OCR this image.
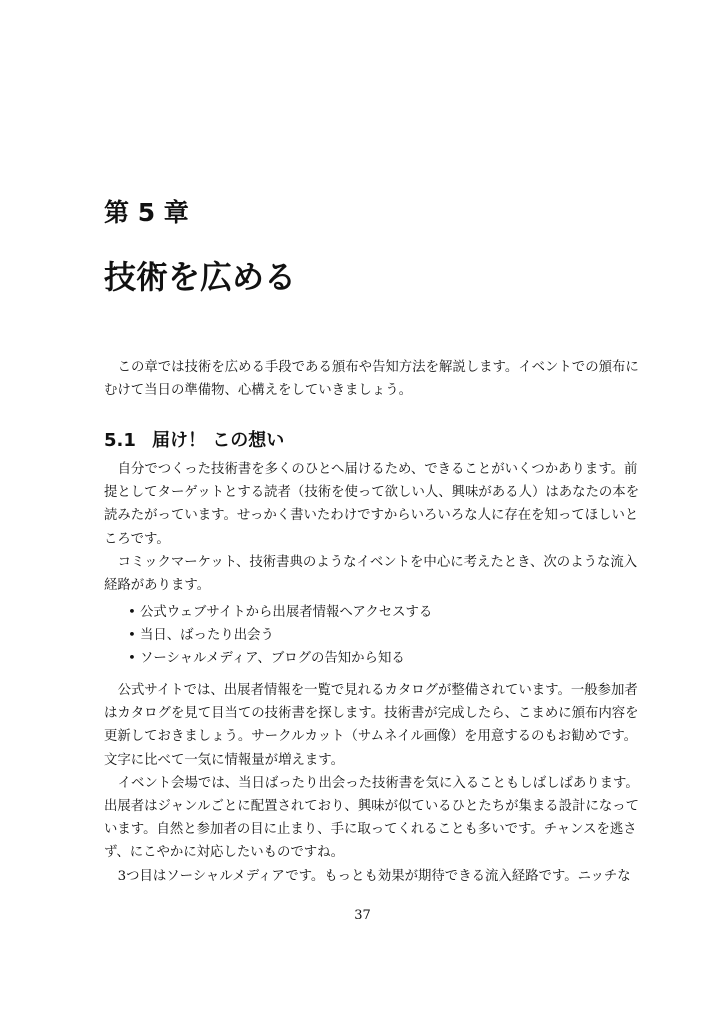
第 5 章
技術を広める
この章では技術を広める手段である頒布や告知方法を解説します。イベントでの頒布に
むけて当日の準備物、心構えをしていきましょう。
5.1 届け！ この想い
自分でつくった技術書を多くのひとへ届けるため、できることがいくつかあります。前
提としてターゲットとする読者（技術を使って欲しい人、興味がある人）はあなたの本を
読みたがっています。せっかく書いたわけですからいろいろな人に存在を知ってほしいと
ころです。
コミックマーケット、技術書典のようなイベントを中心に考えたとき、次のような流入
経路があります。
• 公式ウェブサイトから出展者情報へアクセスする
• 当日、ばったり出会う
• ソーシャルメディア、ブログの告知から知る
公式サイトでは、出展者情報を一覧で見れるカタログが整備されています。一般参加者
はカタログを見て目当ての技術書を探します。技術書が完成したら、こまめに頒布内容を
更新しておきましょう。サークルカット（サムネイル画像）を用意するのもお勧めです。
文字に比べて一気に情報量が増えます。
イベント会場では、当日ばったり出会った技術書を気に入ることもしばしばあります。
出展者はジャンルごとに配置されており、興味が似ているひとたちが集まる設計になって
います。自然と参加者の目に止まり、手に取ってくれることも多いです。チャンスを逃さ
ず、にこやかに対応したいものですね。
3つ目はソーシャルメディアです。もっとも効果が期待できる流入経路です。ニッチな
37
